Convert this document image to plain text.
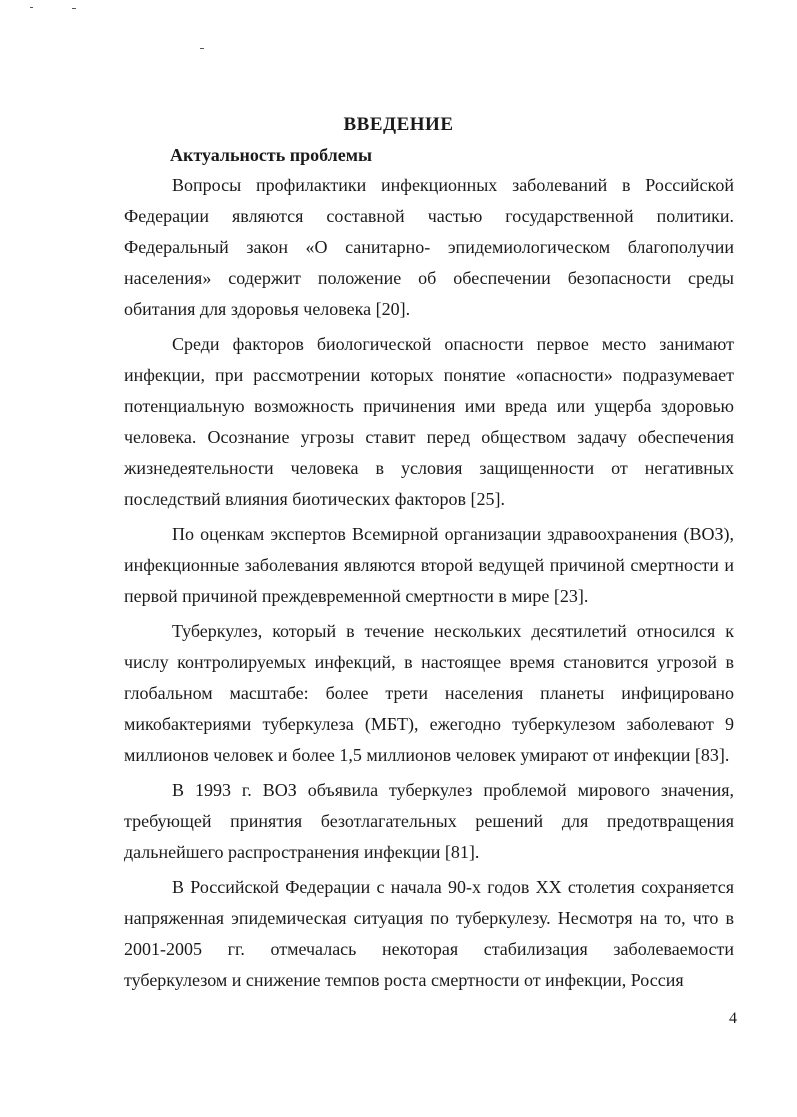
ВВЕДЕНИЕ
Актуальность проблемы

Вопросы профилактики инфекционных заболеваний в Российской Федерации являются составной частью государственной политики. Федеральный закон «О санитарно- эпидемиологическом благополучии населения» содержит положение об обеспечении безопасности среды обитания для здоровья человека [20].

Среди факторов биологической опасности первое место занимают инфекции, при рассмотрении которых понятие «опасности» подразумевает потенциальную возможность причинения ими вреда или ущерба здоровью человека. Осознание угрозы ставит перед обществом задачу обеспечения жизнедеятельности человека в условия защищенности от негативных последствий влияния биотических факторов [25].

По оценкам экспертов Всемирной организации здравоохранения (ВОЗ), инфекционные заболевания являются второй ведущей причиной смертности и первой причиной преждевременной смертности в мире [23].

Туберкулез, который в течение нескольких десятилетий относился к числу контролируемых инфекций, в настоящее время становится угрозой в глобальном масштабе: более трети населения планеты инфицировано микобактериями туберкулеза (МБТ), ежегодно туберкулезом заболевают 9 миллионов человек и более 1,5 миллионов человек умирают от инфекции [83].

В 1993 г. ВОЗ объявила туберкулез проблемой мирового значения, требующей принятия безотлагательных решений для предотвращения дальнейшего распространения инфекции [81].

В Российской Федерации с начала 90-х годов XX столетия сохраняется напряженная эпидемическая ситуация по туберкулезу. Несмотря на то, что в 2001-2005 гг. отмечалась некоторая стабилизация заболеваемости туберкулезом и снижение темпов роста смертности от инфекции, Россия

4
